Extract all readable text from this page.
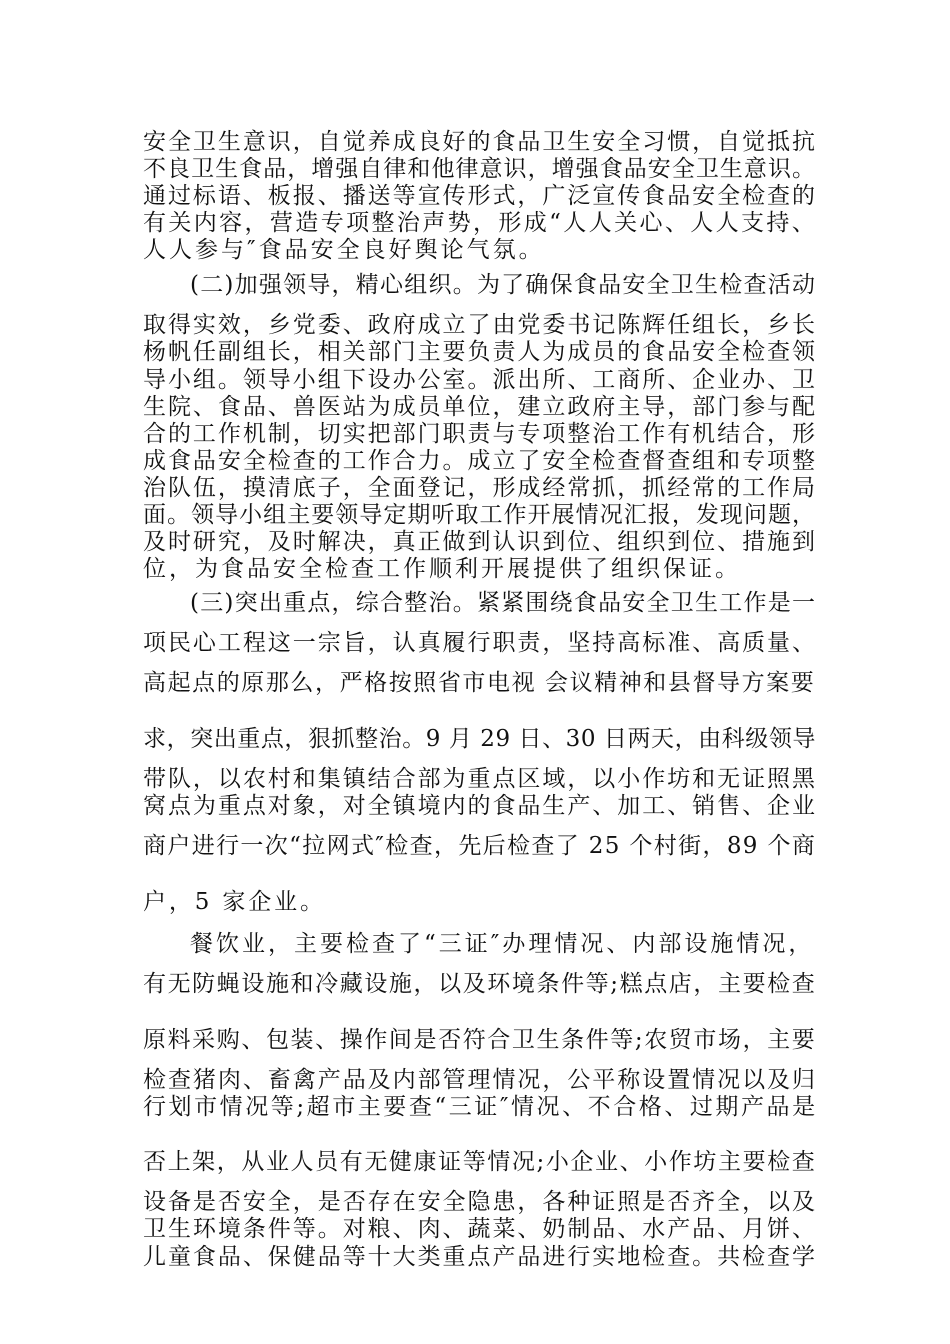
安全卫生意识，自觉养成良好的食品卫生安全习惯，自觉抵抗
不良卫生食品，增强自律和他律意识，增强食品安全卫生意识。
通过标语、板报、播送等宣传形式，广泛宣传食品安全检查的
有关内容，营造专项整治声势，形成“人人关心、人人支持、
人人参与″食品安全良好舆论气氛。
(二)加强领导，精心组织。为了确保食品安全卫生检查活动
取得实效，乡党委、政府成立了由党委书记陈辉任组长，乡长
杨帆任副组长，相关部门主要负责人为成员的食品安全检查领
导小组。领导小组下设办公室。派出所、工商所、企业办、卫
生院、食品、兽医站为成员单位，建立政府主导，部门参与配
合的工作机制，切实把部门职责与专项整治工作有机结合，形
成食品安全检查的工作合力。成立了安全检查督查组和专项整
治队伍，摸清底子，全面登记，形成经常抓，抓经常的工作局
面。领导小组主要领导定期听取工作开展情况汇报，发现问题，
及时研究，及时解决，真正做到认识到位、组织到位、措施到
位，为食品安全检查工作顺利开展提供了组织保证。
(三)突出重点，综合整治。紧紧围绕食品安全卫生工作是一
项民心工程这一宗旨，认真履行职责，坚持高标准、高质量、
高起点的原那么，严格按照省市电视 会议精神和县督导方案要
求，突出重点，狠抓整治。9 月 29 日、30 日两天，由科级领导
带队，以农村和集镇结合部为重点区域，以小作坊和无证照黑
窝点为重点对象，对全镇境内的食品生产、加工、销售、企业
商户进行一次“拉网式″检查，先后检查了 25 个村街，89 个商
户，5 家企业。
餐饮业，主要检查了“三证″办理情况、内部设施情况，
有无防蝇设施和冷藏设施，以及环境条件等;糕点店，主要检查
原料采购、包装、操作间是否符合卫生条件等;农贸市场，主要
检查猪肉、畜禽产品及内部管理情况，公平称设置情况以及归
行划市情况等;超市主要查“三证″情况、不合格、过期产品是
否上架，从业人员有无健康证等情况;小企业、小作坊主要检查
设备是否安全，是否存在安全隐患，各种证照是否齐全，以及
卫生环境条件等。对粮、肉、蔬菜、奶制品、水产品、月饼、
儿童食品、保健品等十大类重点产品进行实地检查。共检查学
